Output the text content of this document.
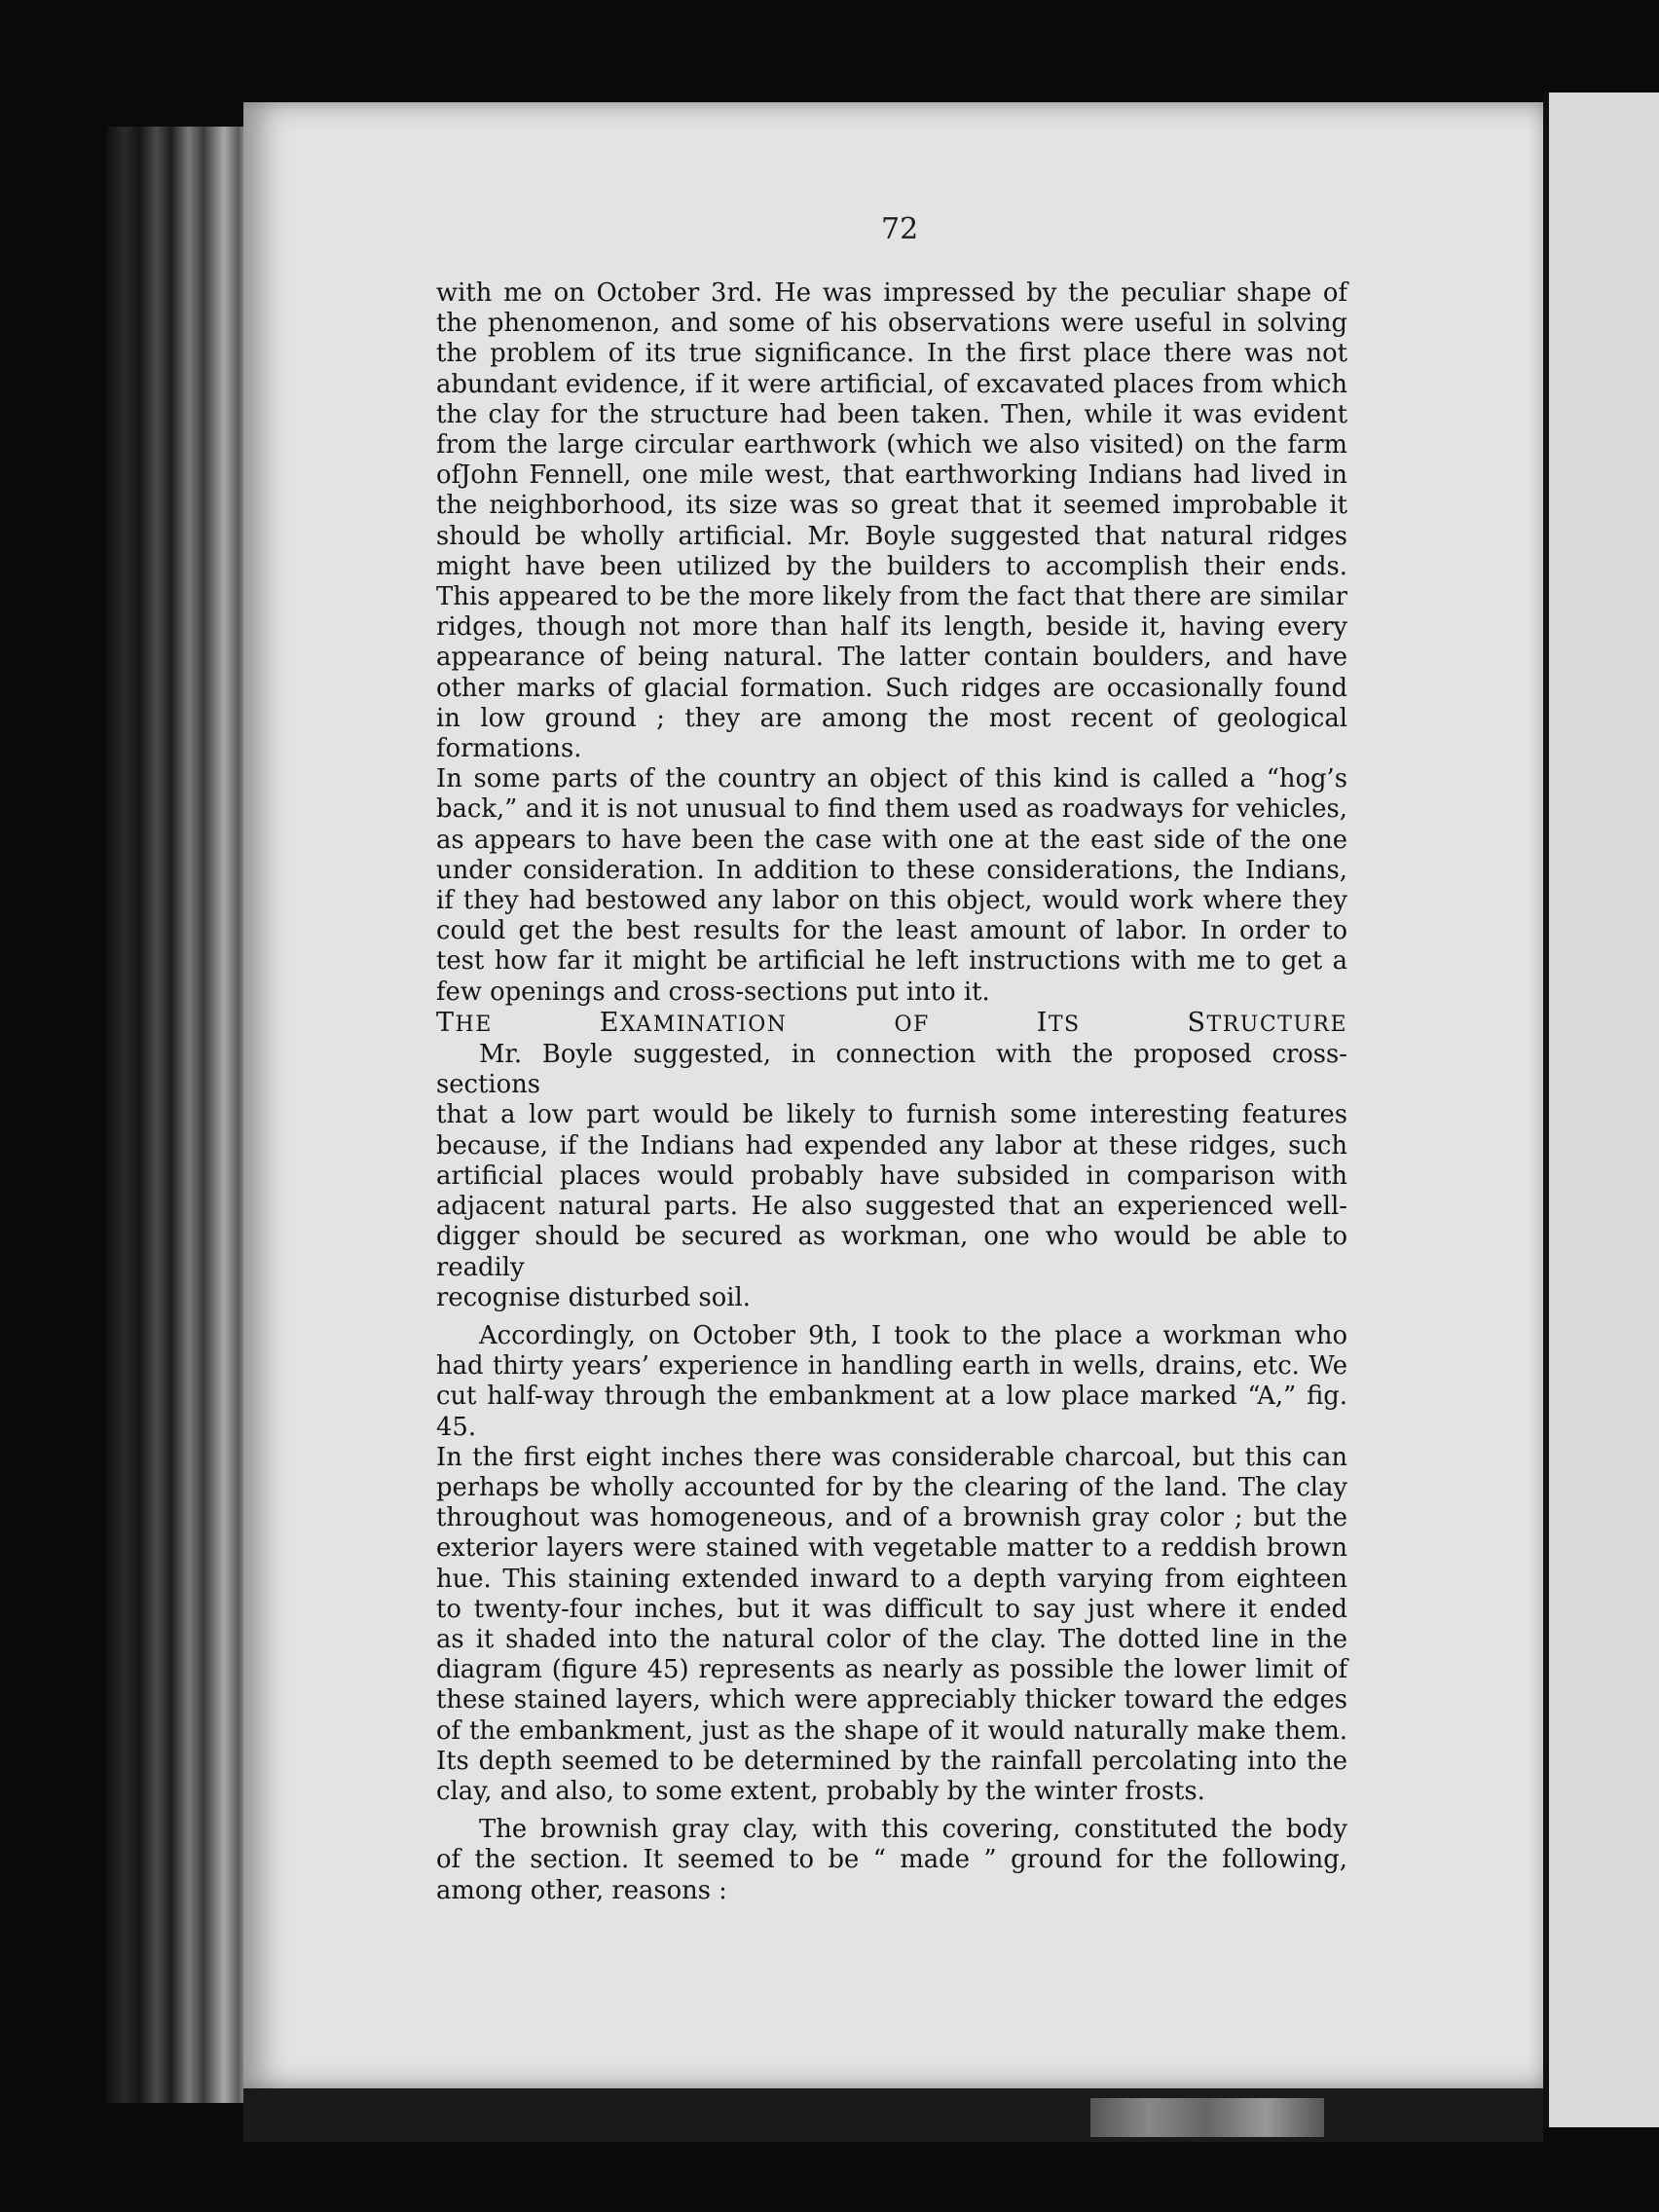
72

with me on October 3rd. He was impressed by the peculiar shape of

the phenomenon, and some of his observations were useful in solving

the problem of its true significance. In the first place there was not

abundant evidence, if it were artificial, of excavated places from which

the clay for the structure had been taken. Then, while it was evident

from the large circular earthwork (which we also visited) on the farm

ofJohn Fennell, one mile west, that earthworking Indians had lived in

the neighborhood, its size was so great that it seemed improbable it

should be wholly artificial. Mr. Boyle suggested that natural ridges

might have been utilized by the builders to accomplish their ends.

This appeared to be the more likely from the fact that there are similar

ridges, though not more than half its length, beside it, having every

appearance of being natural. The latter contain boulders, and have

other marks of glacial formation. Such ridges are occasionally found

in low ground ; they are among the most recent of geological formations.

In some parts of the country an object of this kind is called a “hog’s

back,” and it is not unusual to find them used as roadways for vehicles,

as appears to have been the case with one at the east side of the one

under consideration. In addition to these considerations, the Indians,

if they had bestowed any labor on this object, would work where they

could get the best results for the least amount of labor. In order to

test how far it might be artificial he left instructions with me to get a

few openings and cross-sections put into it.

THE	EXAMINATION	OF	ITS	STRUCTURE

Mr. Boyle suggested, in connection with the proposed cross-sections

that a low part would be likely to furnish some interesting features

because, if the Indians had expended any labor at these ridges, such

artificial places would probably have subsided in comparison with

adjacent natural parts. He also suggested that an experienced well-

digger should be secured as workman, one who would be able to readily

recognise disturbed soil.

Accordingly, on October 9th, I took to the place a workman who

had thirty years’ experience in handling earth in wells, drains, etc. We

cut half-way through the embankment at a low place marked “A,” fig. 45.

In the first eight inches there was considerable charcoal, but this can

perhaps be wholly accounted for by the clearing of the land. The clay

throughout was homogeneous, and of a brownish gray color ; but the

exterior layers were stained with vegetable matter to a reddish brown

hue. This staining extended inward to a depth varying from eighteen

to twenty-four inches, but it was difficult to say just where it ended

as it shaded into the natural color of the clay. The dotted line in the

diagram (figure 45) represents as nearly as possible the lower limit of

these stained layers, which were appreciably thicker toward the edges

of the embankment, just as the shape of it would naturally make them.

Its depth seemed to be determined by the rainfall percolating into the

clay, and also, to some extent, probably by the winter frosts.

The brownish gray clay, with this covering, constituted the body

of the section. It seemed to be “ made ” ground for the following,

among other, reasons :
